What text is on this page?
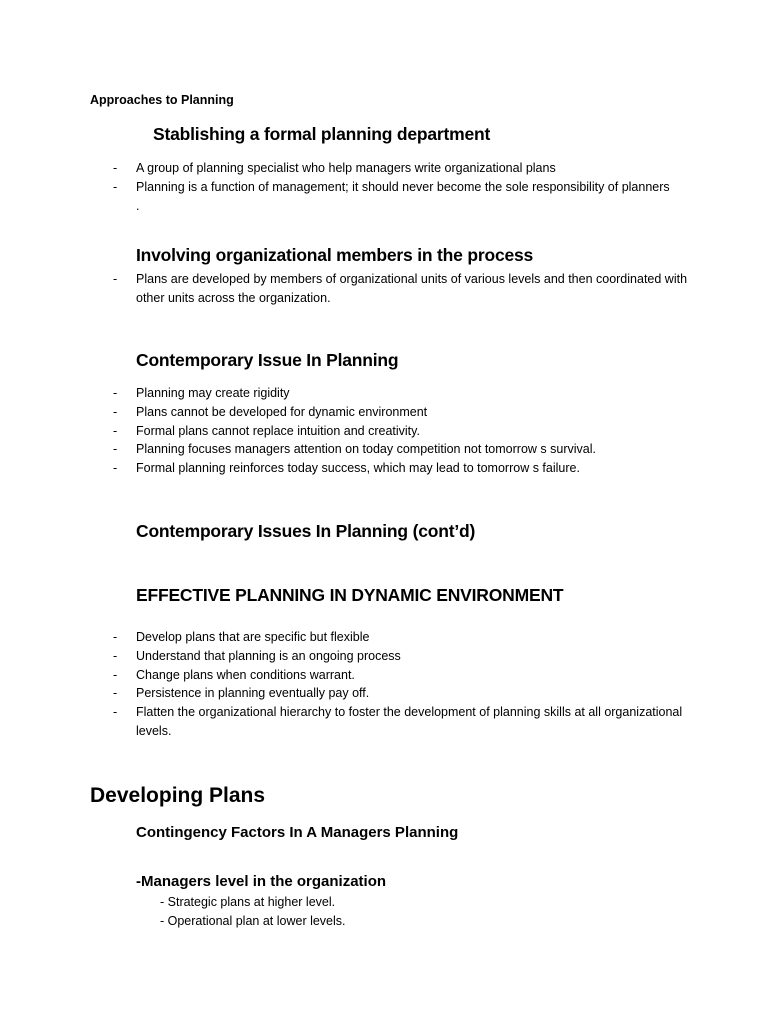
Approaches to Planning
Stablishing a formal planning department
- A group of planning specialist who help managers write organizational plans
- Planning is a function of management; it should never become the sole responsibility of planners
.
Involving organizational members in the process
- Plans are developed by members of organizational units of various levels and then coordinated with other units across the organization.
Contemporary Issue In Planning
- Planning may create rigidity
- Plans cannot be developed for dynamic environment
- Formal plans cannot replace intuition and creativity.
- Planning focuses managers attention on today competition not tomorrow s survival.
- Formal planning reinforces today success, which may lead to tomorrow s failure.
Contemporary Issues In Planning (cont’d)
EFFECTIVE PLANNING IN DYNAMIC ENVIRONMENT
- Develop plans that are specific but flexible
- Understand that planning is an ongoing process
- Change plans when conditions warrant.
- Persistence in planning eventually pay off.
- Flatten the organizational hierarchy to foster the development of planning skills at all organizational levels.
Developing Plans
Contingency Factors In A Managers Planning
-Managers level in the organization
- Strategic plans at higher level.
- Operational plan at lower levels.
